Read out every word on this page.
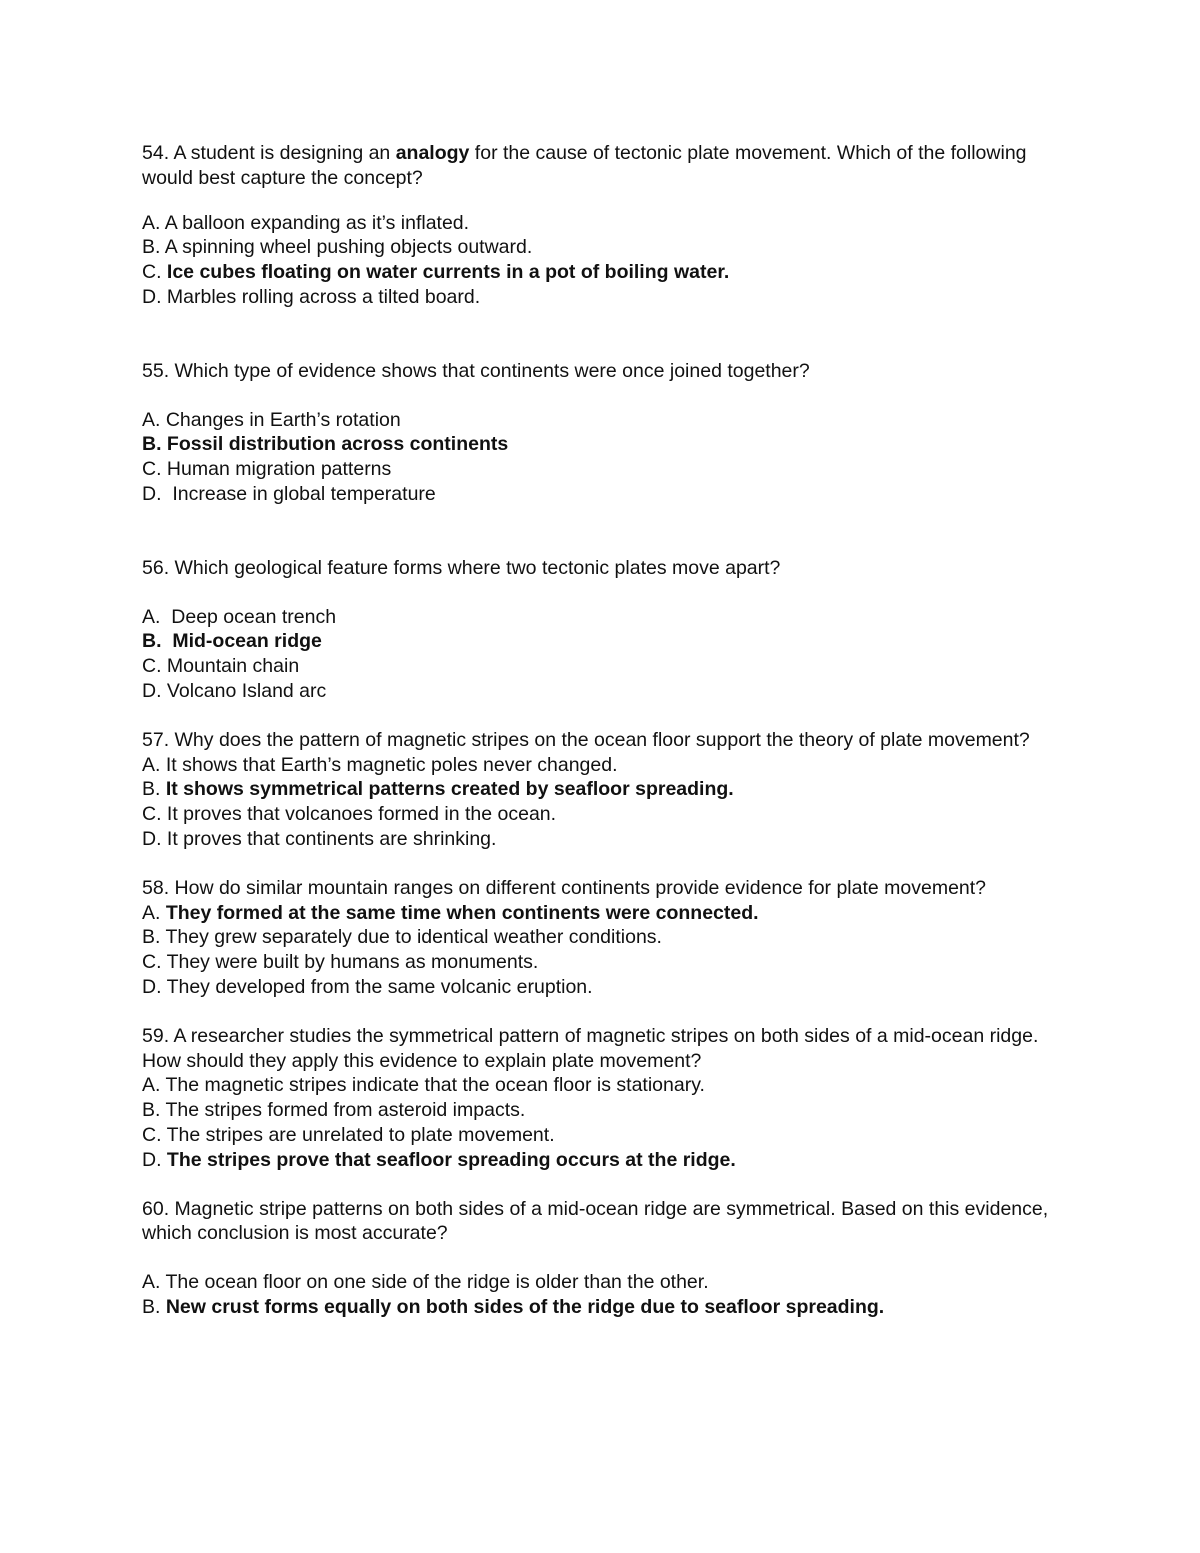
54. A student is designing an analogy for the cause of tectonic plate movement. Which of the following would best capture the concept?

A. A balloon expanding as it’s inflated.

B. A spinning wheel pushing objects outward.

C. Ice cubes floating on water currents in a pot of boiling water.

D. Marbles rolling across a tilted board.

55. Which type of evidence shows that continents were once joined together?

A. Changes in Earth’s rotation

B. Fossil distribution across continents

C. Human migration patterns

D.  Increase in global temperature

56. Which geological feature forms where two tectonic plates move apart?

A.  Deep ocean trench

B.  Mid-ocean ridge

C. Mountain chain

D. Volcano Island arc

57. Why does the pattern of magnetic stripes on the ocean floor support the theory of plate movement?

A. It shows that Earth’s magnetic poles never changed.

B. It shows symmetrical patterns created by seafloor spreading.

C. It proves that volcanoes formed in the ocean.

D. It proves that continents are shrinking.

58. How do similar mountain ranges on different continents provide evidence for plate movement?

A. They formed at the same time when continents were connected.

B. They grew separately due to identical weather conditions.

C. They were built by humans as monuments.

D. They developed from the same volcanic eruption.

59. A researcher studies the symmetrical pattern of magnetic stripes on both sides of a mid-ocean ridge. How should they apply this evidence to explain plate movement?

A. The magnetic stripes indicate that the ocean floor is stationary.

B. The stripes formed from asteroid impacts.

C. The stripes are unrelated to plate movement.

D. The stripes prove that seafloor spreading occurs at the ridge.

60. Magnetic stripe patterns on both sides of a mid-ocean ridge are symmetrical. Based on this evidence, which conclusion is most accurate?

A. The ocean floor on one side of the ridge is older than the other.

B. New crust forms equally on both sides of the ridge due to seafloor spreading.
